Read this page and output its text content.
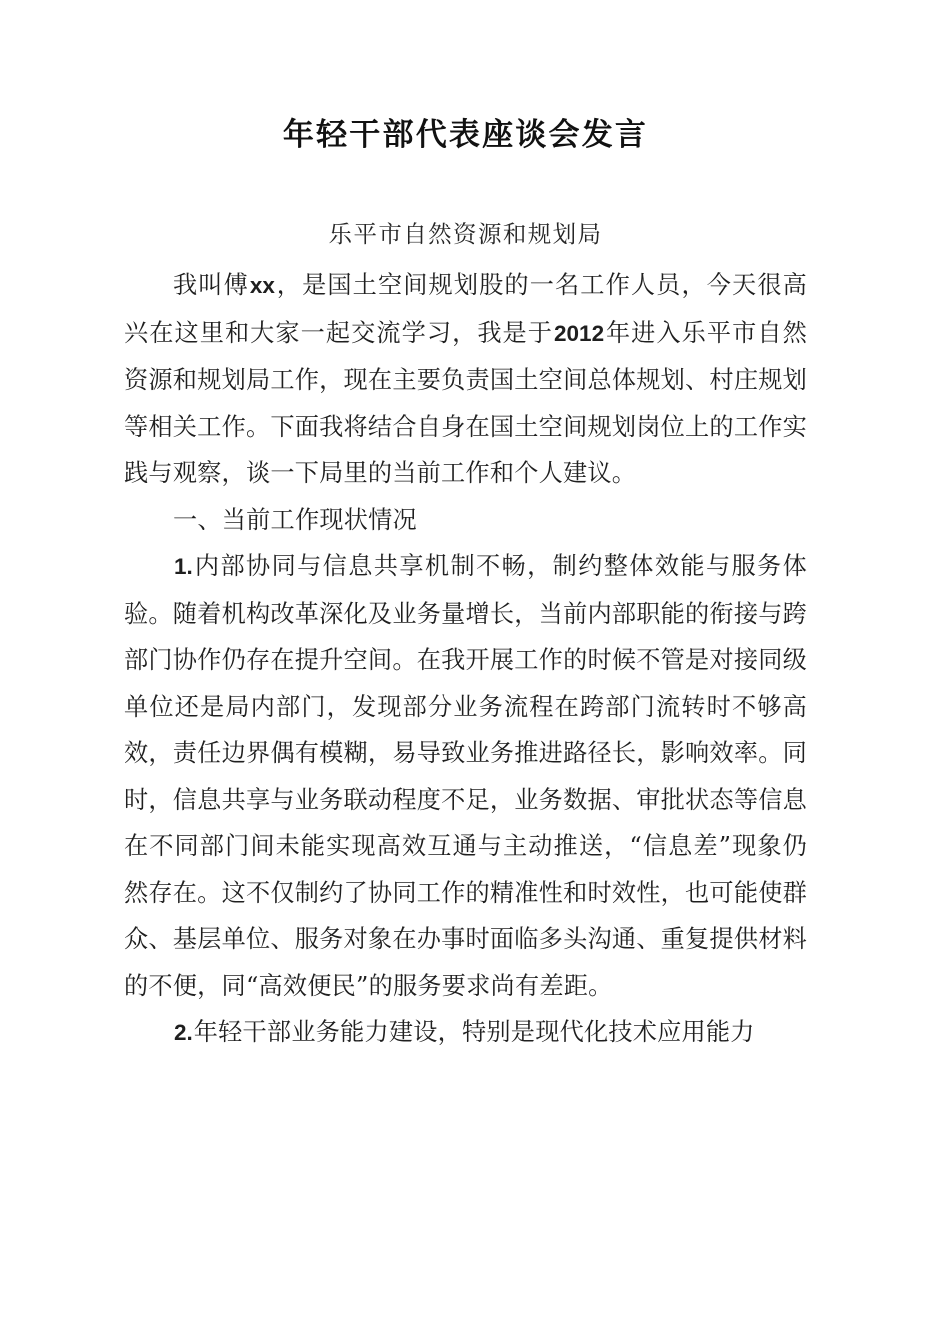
年轻干部代表座谈会发言

乐平市自然资源和规划局

我叫傅xx，是国土空间规划股的一名工作人员，今天很高兴在这里和大家一起交流学习，我是于2012年进入乐平市自然资源和规划局工作，现在主要负责国土空间总体规划、村庄规划等相关工作。下面我将结合自身在国土空间规划岗位上的工作实践与观察，谈一下局里的当前工作和个人建议。

一、当前工作现状情况

1.内部协同与信息共享机制不畅，制约整体效能与服务体验。随着机构改革深化及业务量增长，当前内部职能的衔接与跨部门协作仍存在提升空间。在我开展工作的时候不管是对接同级单位还是局内部门，发现部分业务流程在跨部门流转时不够高效，责任边界偶有模糊，易导致业务推进路径长，影响效率。同时，信息共享与业务联动程度不足，业务数据、审批状态等信息在不同部门间未能实现高效互通与主动推送，“信息差”现象仍然存在。这不仅制约了协同工作的精准性和时效性，也可能使群众、基层单位、服务对象在办事时面临多头沟通、重复提供材料的不便，同“高效便民”的服务要求尚有差距。

2.年轻干部业务能力建设，特别是现代化技术应用能力
